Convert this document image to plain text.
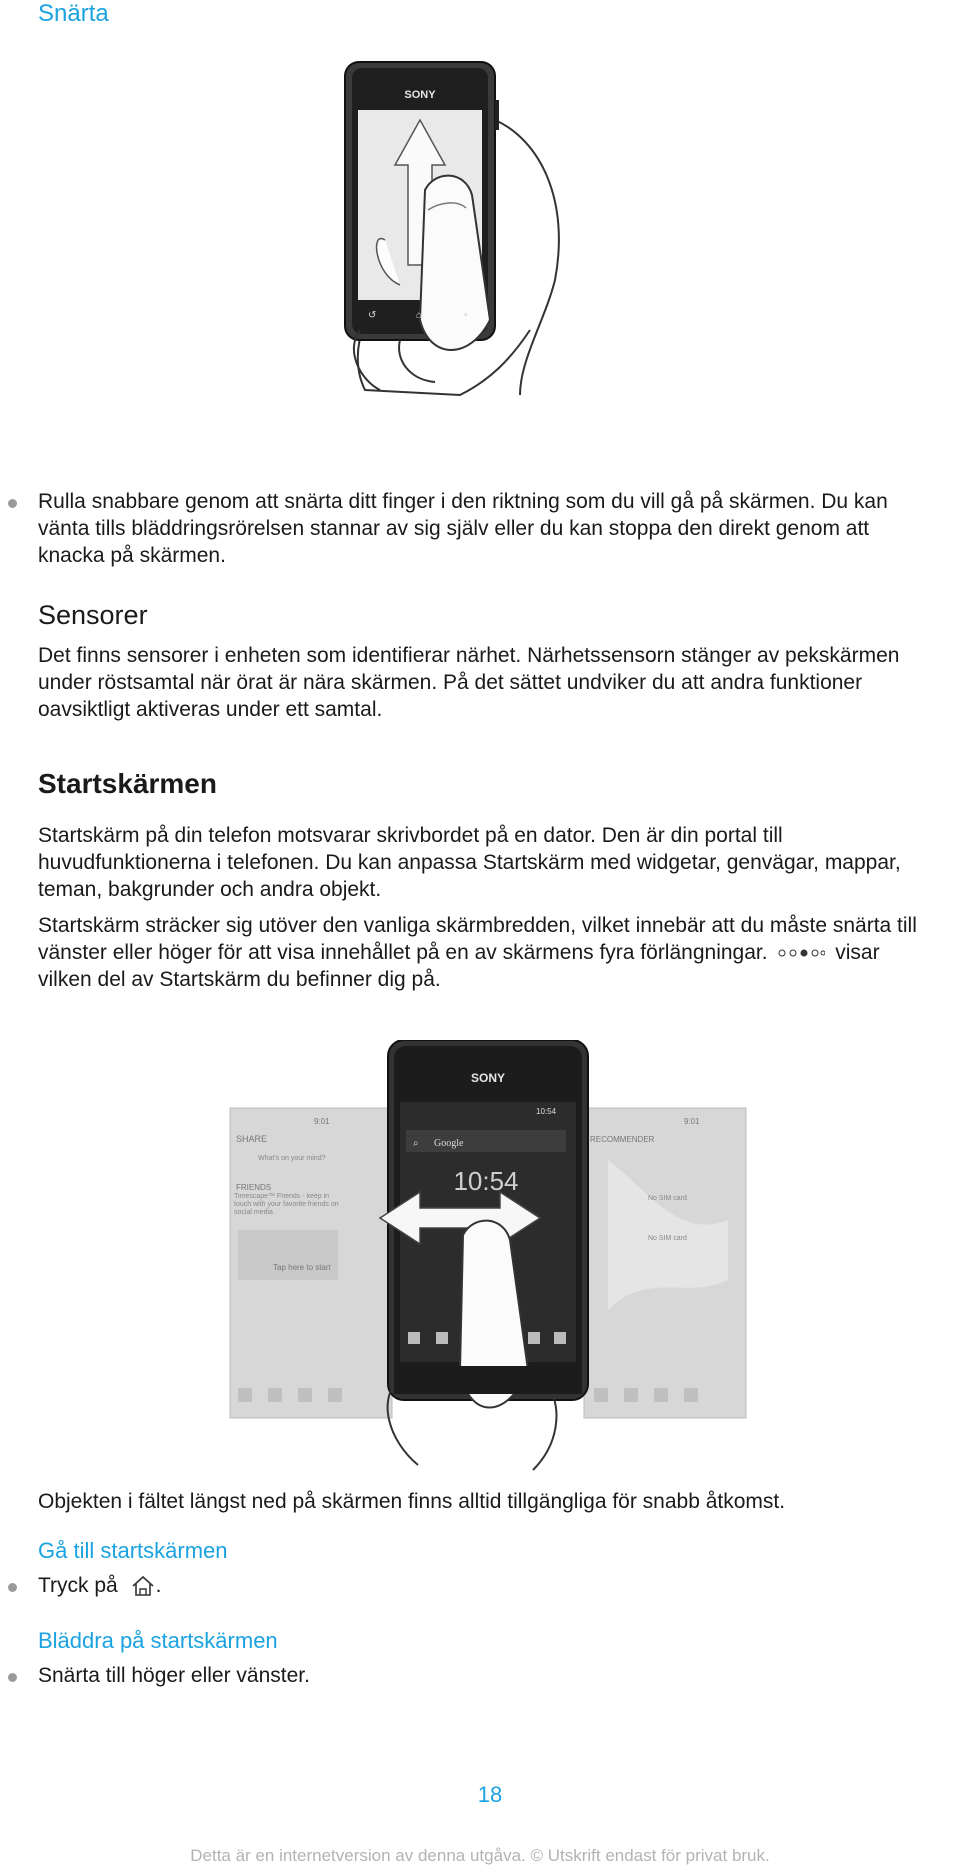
Snärta
SONY
↺	⌂	▪
Rulla snabbare genom att snärta ditt finger i den riktning som du vill gå på skärmen. Du kan vänta tills bläddringsrörelsen stannar av sig själv eller du kan stoppa den direkt genom att knacka på skärmen.
Sensorer
Det finns sensorer i enheten som identifierar närhet. Närhetssensorn stänger av pekskärmen under röstsamtal när örat är nära skärmen. På det sättet undviker du att andra funktioner oavsiktligt aktiveras under ett samtal.
Startskärmen
Startskärm på din telefon motsvarar skrivbordet på en dator. Den är din portal till huvudfunktionerna i telefonen. Du kan anpassa Startskärm med widgetar, genvägar, mappar, teman, bakgrunder och andra objekt.
Startskärm sträcker sig utöver den vanliga skärmbredden, vilket innebär att du måste snärta till vänster eller höger för att visa innehållet på en av skärmens fyra förlängningar.	visar vilken del av Startskärm du befinner dig på.
9:01
SHARE
What's on your mind?
FRIENDS
Timescape™ Friends - keep in touch with your favorite friends on social media
Tap here to start
9:01
RECOMMENDER
No SIM card
No SIM card
SONY
10:54
Google
⌕
10:54
Objekten i fältet längst ned på skärmen finns alltid tillgängliga för snabb åtkomst.
Gå till startskärmen
Tryck på .
Bläddra på startskärmen
Snärta till höger eller vänster.
18
Detta är en internetversion av denna utgåva. © Utskrift endast för privat bruk.
